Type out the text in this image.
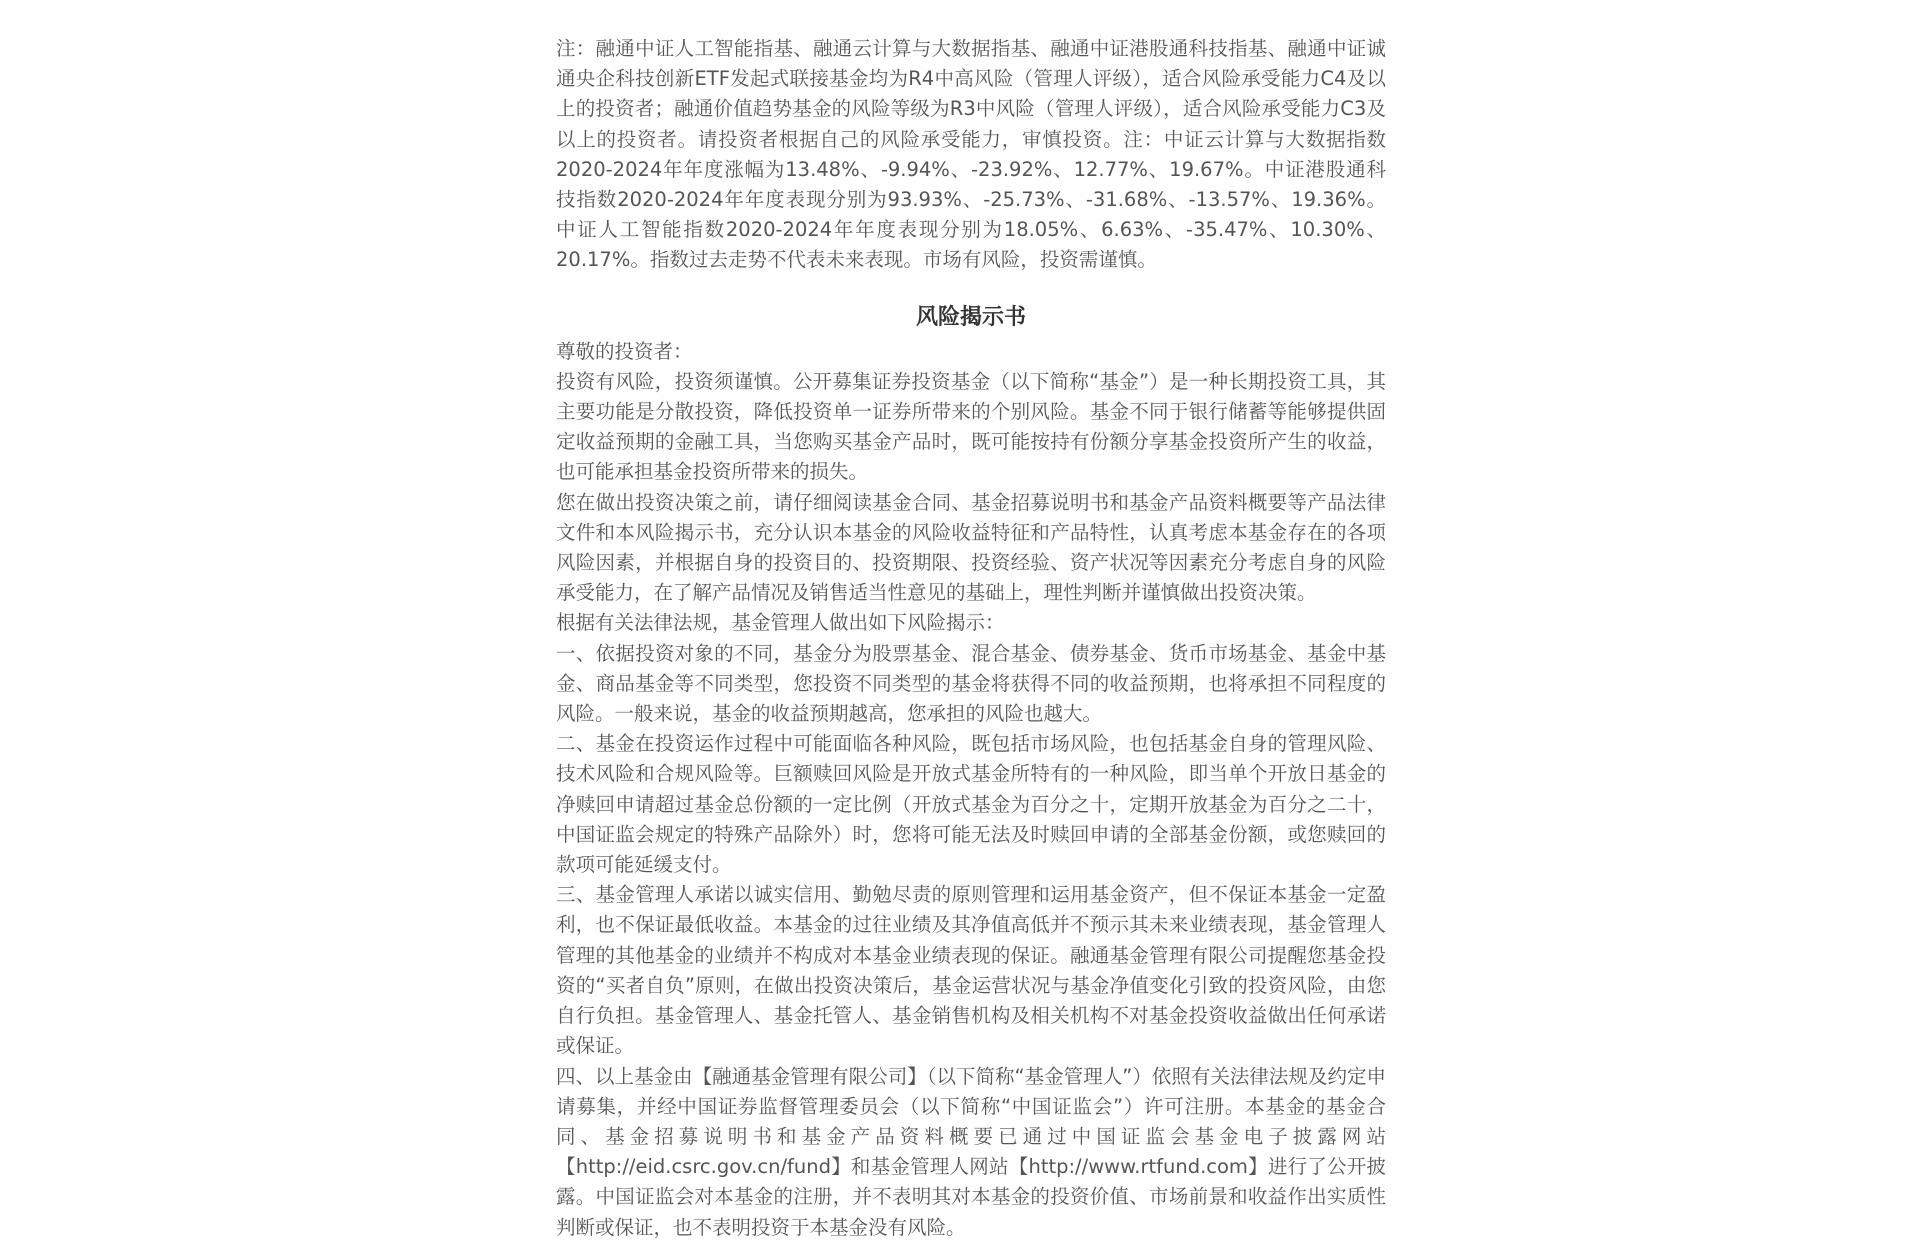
注：融通中证人工智能指基、融通云计算与大数据指基、融通中证港股通科技指基、融通中证诚通央企科技创新ETF发起式联接基金均为R4中高风险（管理人评级），适合风险承受能力C4及以上的投资者；融通价值趋势基金的风险等级为R3中风险（管理人评级），适合风险承受能力C3及以上的投资者。请投资者根据自己的风险承受能力，审慎投资。注：中证云计算与大数据指数2020-2024年年度涨幅为13.48%、-9.94%、-23.92%、12.77%、19.67%。中证港股通科技指数2020-2024年年度表现分别为93.93%、-25.73%、-31.68%、-13.57%、19.36%。中证人工智能指数2020-2024年年度表现分别为18.05%、6.63%、-35.47%、10.30%、20.17%。指数过去走势不代表未来表现。市场有风险，投资需谨慎。

风险揭示书

尊敬的投资者：

投资有风险，投资须谨慎。公开募集证券投资基金（以下简称“基金”）是一种长期投资工具，其主要功能是分散投资，降低投资单一证券所带来的个别风险。基金不同于银行储蓄等能够提供固定收益预期的金融工具，当您购买基金产品时，既可能按持有份额分享基金投资所产生的收益，也可能承担基金投资所带来的损失。

您在做出投资决策之前，请仔细阅读基金合同、基金招募说明书和基金产品资料概要等产品法律文件和本风险揭示书，充分认识本基金的风险收益特征和产品特性，认真考虑本基金存在的各项风险因素，并根据自身的投资目的、投资期限、投资经验、资产状况等因素充分考虑自身的风险承受能力，在了解产品情况及销售适当性意见的基础上，理性判断并谨慎做出投资决策。

根据有关法律法规，基金管理人做出如下风险揭示：

一、依据投资对象的不同，基金分为股票基金、混合基金、债券基金、货币市场基金、基金中基金、商品基金等不同类型，您投资不同类型的基金将获得不同的收益预期，也将承担不同程度的风险。一般来说，基金的收益预期越高，您承担的风险也越大。

二、基金在投资运作过程中可能面临各种风险，既包括市场风险，也包括基金自身的管理风险、技术风险和合规风险等。巨额赎回风险是开放式基金所特有的一种风险，即当单个开放日基金的净赎回申请超过基金总份额的一定比例（开放式基金为百分之十，定期开放基金为百分之二十，中国证监会规定的特殊产品除外）时，您将可能无法及时赎回申请的全部基金份额，或您赎回的款项可能延缓支付。

三、基金管理人承诺以诚实信用、勤勉尽责的原则管理和运用基金资产，但不保证本基金一定盈利，也不保证最低收益。本基金的过往业绩及其净值高低并不预示其未来业绩表现，基金管理人管理的其他基金的业绩并不构成对本基金业绩表现的保证。融通基金管理有限公司提醒您基金投资的“买者自负”原则，在做出投资决策后，基金运营状况与基金净值变化引致的投资风险，由您自行负担。基金管理人、基金托管人、基金销售机构及相关机构不对基金投资收益做出任何承诺或保证。

四、以上基金由【融通基金管理有限公司】（以下简称“基金管理人”）依照有关法律法规及约定申请募集，并经中国证券监督管理委员会（以下简称“中国证监会”）许可注册。本基金的基金合同、基金招募说明书和基金产品资料概要已通过中国证监会基金电子披露网站【http://eid.csrc.gov.cn/fund】和基金管理人网站【http://www.rtfund.com】进行了公开披露。中国证监会对本基金的注册，并不表明其对本基金的投资价值、市场前景和收益作出实质性判断或保证，也不表明投资于本基金没有风险。
